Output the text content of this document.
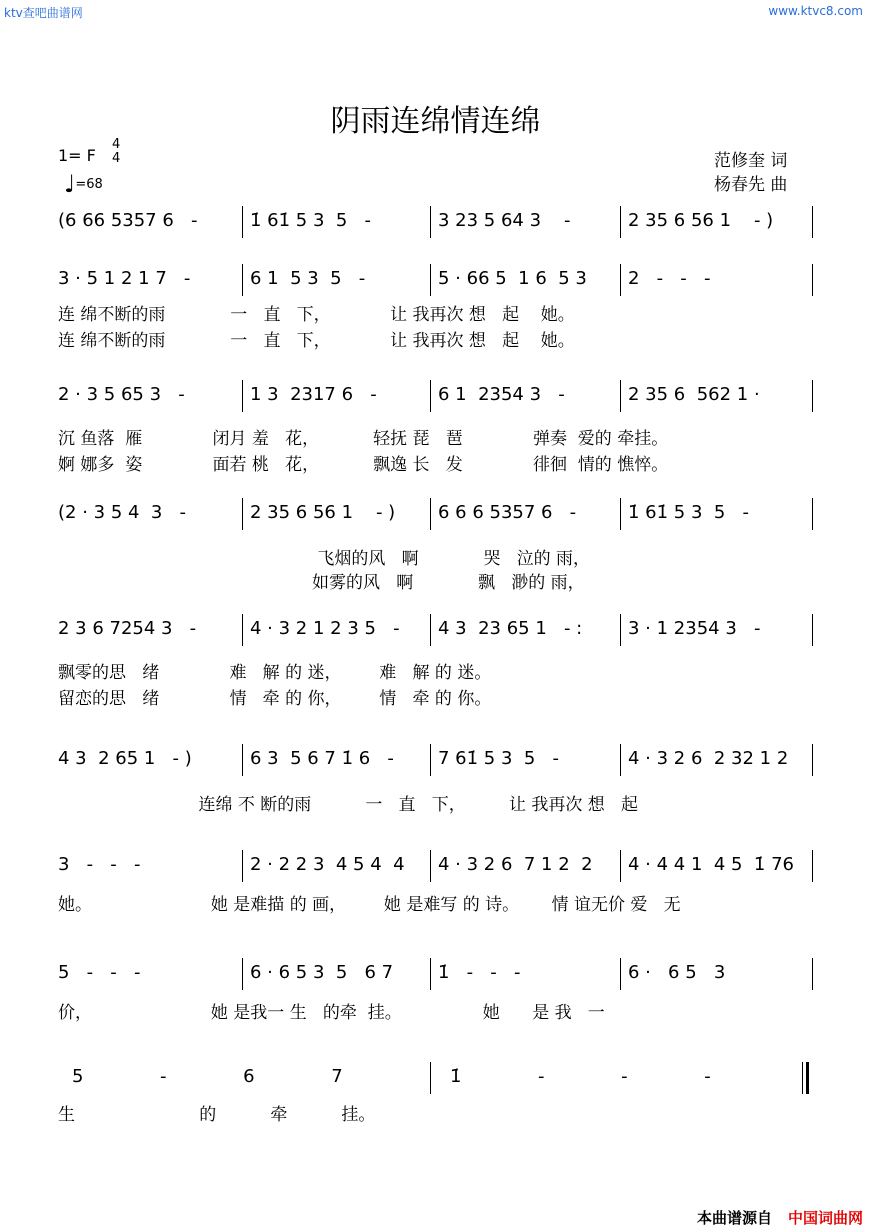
ktv查吧曲谱网	www.ktvc8.com
阴雨连绵情连绵
1= F
4
4
♩=68
范修奎 词
杨春先 曲
(6 66 5357 6   -	1̇ 61̇ 5 3  5   -	3 23 5 64 3    -	2 35 6 56 1    - )
3 · 5 1 2 1 7   -	6 1  5 3  5   -	5 · 66 5  1 6  5 3 2   -   -   -
2 · 3 5 65 3   -	1 3  2317 6   -	6 1  2354 3   -	2 35 6  562 1 ·
(2 · 3 5 4  3   -	2 35 6 56 1    - ) 6 6 6 5357 6   -	1̇ 61̇ 5 3  5   -
2 3 6 7254 3   -	4 · 3 2 1 2 3 5   - 4 3  23 65 1   - :	3 · 1 2354 3   -
4 3  2 65 1   - )	6 3  5 6 7 1̇ 6   - 7 61̇ 5 3  5   -	4 · 3 2 6  2 32 1 2
3   -   -   -	2 · 2 2 3  4 5 4  4 4 · 3 2 6  7 1 2  2 4 · 4 4 1  4 5  1̇ 76
5   -   -   -	6 · 6 5 3  5   6 7 1̇   -   -   -	6 ·   6 5   3
5     -     6     7	1̇     -     -     -
连 绵不断的雨            一   直   下，           让 我再次 想   起    她。
连 绵不断的雨            一   直   下，           让 我再次 想   起    她。
沉 鱼落  雁             闭月 羞   花，          轻抚 琵   琶             弹奏  爱的 牵挂。
婀 娜多  姿             面若 桃   花，          飘逸 长   发             徘徊  情的 憔悴。
飞烟的风   啊            哭   泣的 雨，
如雾的风   啊            飘   渺的 雨，
飘零的思   绪             难   解 的 迷，       难   解 的 迷。
留恋的思   绪             情   牵 的 你，       情   牵 的 你。
连绵 不 断的雨          一   直   下，        让 我再次 想   起
她。                      她 是难描 的 画，       她 是难写 的 诗。      情 谊无价 爱   无
价，                      她 是我一 生   的牵  挂。               她      是 我   一
生                       的          牵          挂。
本曲谱源自 中国词曲网
